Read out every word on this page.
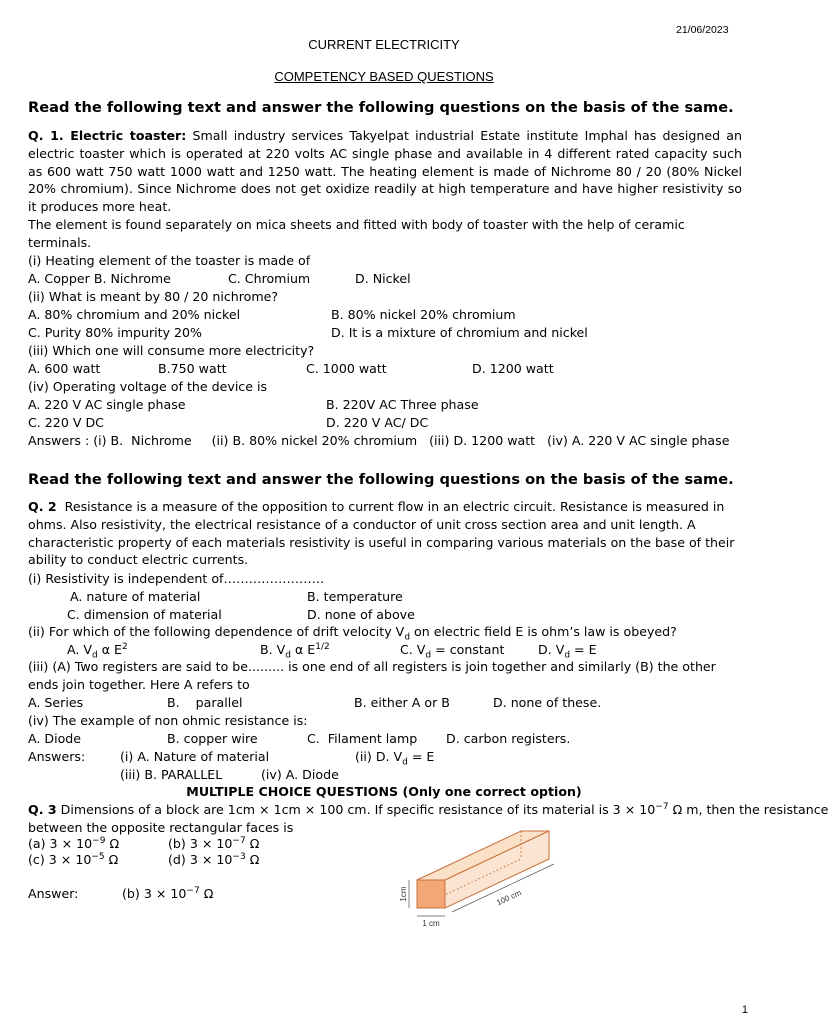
21/06/2023
CURRENT ELECTRICITY
COMPETENCY BASED QUESTIONS
Read the following text and answer the following questions on the basis of the same.

Q. 1. Electric toaster: Small industry services Takyelpat industrial Estate institute Imphal has designed an electric toaster which is operated at 220 volts AC single phase and available in 4 different rated capacity such as 600 watt 750 watt 1000 watt and 1250 watt. The heating element is made of Nichrome 80 / 20 (80% Nickel 20% chromium). Since Nichrome does not get oxidize readily at high temperature and have higher resistivity so it produces more heat.

The element is found separately on mica sheets and fitted with body of toaster with the help of ceramic terminals.

(i) Heating element of the toaster is made of
A. Copper B. Nichrome	C. Chromium	D. Nickel
(ii) What is meant by 80 / 20 nichrome?
A. 80% chromium and 20% nickel	B. 80% nickel 20% chromium
C. Purity 80% impurity 20%	D. It is a mixture of chromium and nickel
(iii) Which one will consume more electricity?
A. 600 watt	B.750 watt	C. 1000 watt	D. 1200 watt
(iv) Operating voltage of the device is
A. 220 V AC single phase	B. 220V AC Three phase
C. 220 V DC	D. 220 V AC/ DC
Answers : (i) B.  Nichrome     (ii) B. 80% nickel 20% chromium   (iii) D. 1200 watt   (iv) A. 220 V AC single phase
Read the following text and answer the following questions on the basis of the same.

Q. 2 Resistance is a measure of the opposition to current flow in an electric circuit. Resistance is measured in ohms. Also resistivity, the electrical resistance of a conductor of unit cross section area and unit length. A characteristic property of each materials resistivity is useful in comparing various materials on the base of their ability to conduct electric currents.

(i) Resistivity is independent of……………………
A. nature of material	B. temperature
C. dimension of material	D. none of above
(ii) For which of the following dependence of drift velocity $V_d$ on electric field E is ohm’s law is obeyed?
A. $V_d$ α $E^2$	B. $V_d$ α $E^{1/2}$	C. $V_d$ = constant	D. $V_d = E$
(iii) (A) Two registers are said to be......... is one end of all registers is join together and similarly (B) the other ends join together. Here A refers to
A. Series	B.    parallel	B. either A or B	D. none of these.
(iv) The example of non ohmic resistance is:
A. Diode	B. copper wire	C.  Filament lamp D. carbon registers.
Answers:	(i) A. Nature of material	(ii) D. $V_d = E$
(iii) B. PARALLEL	(iv) A. Diode
MULTIPLE CHOICE QUESTIONS (Only one correct option)
Q. 3 Dimensions of a block are 1cm × 1cm × 100 cm. If specific resistance of its material is $3 \times 10^{-7}$ Ω m, then the resistance
between the opposite rectangular faces is
(a) $3 \times 10^{-9}$ Ω	(b) $3 \times 10^{-7}$ Ω
(c) $3 \times 10^{-5}$ Ω	(d) $3 \times 10^{-3}$ Ω
Answer:	(b) $3 \times 10^{-7}$ Ω	1cm
1 cm
100 cm
1
